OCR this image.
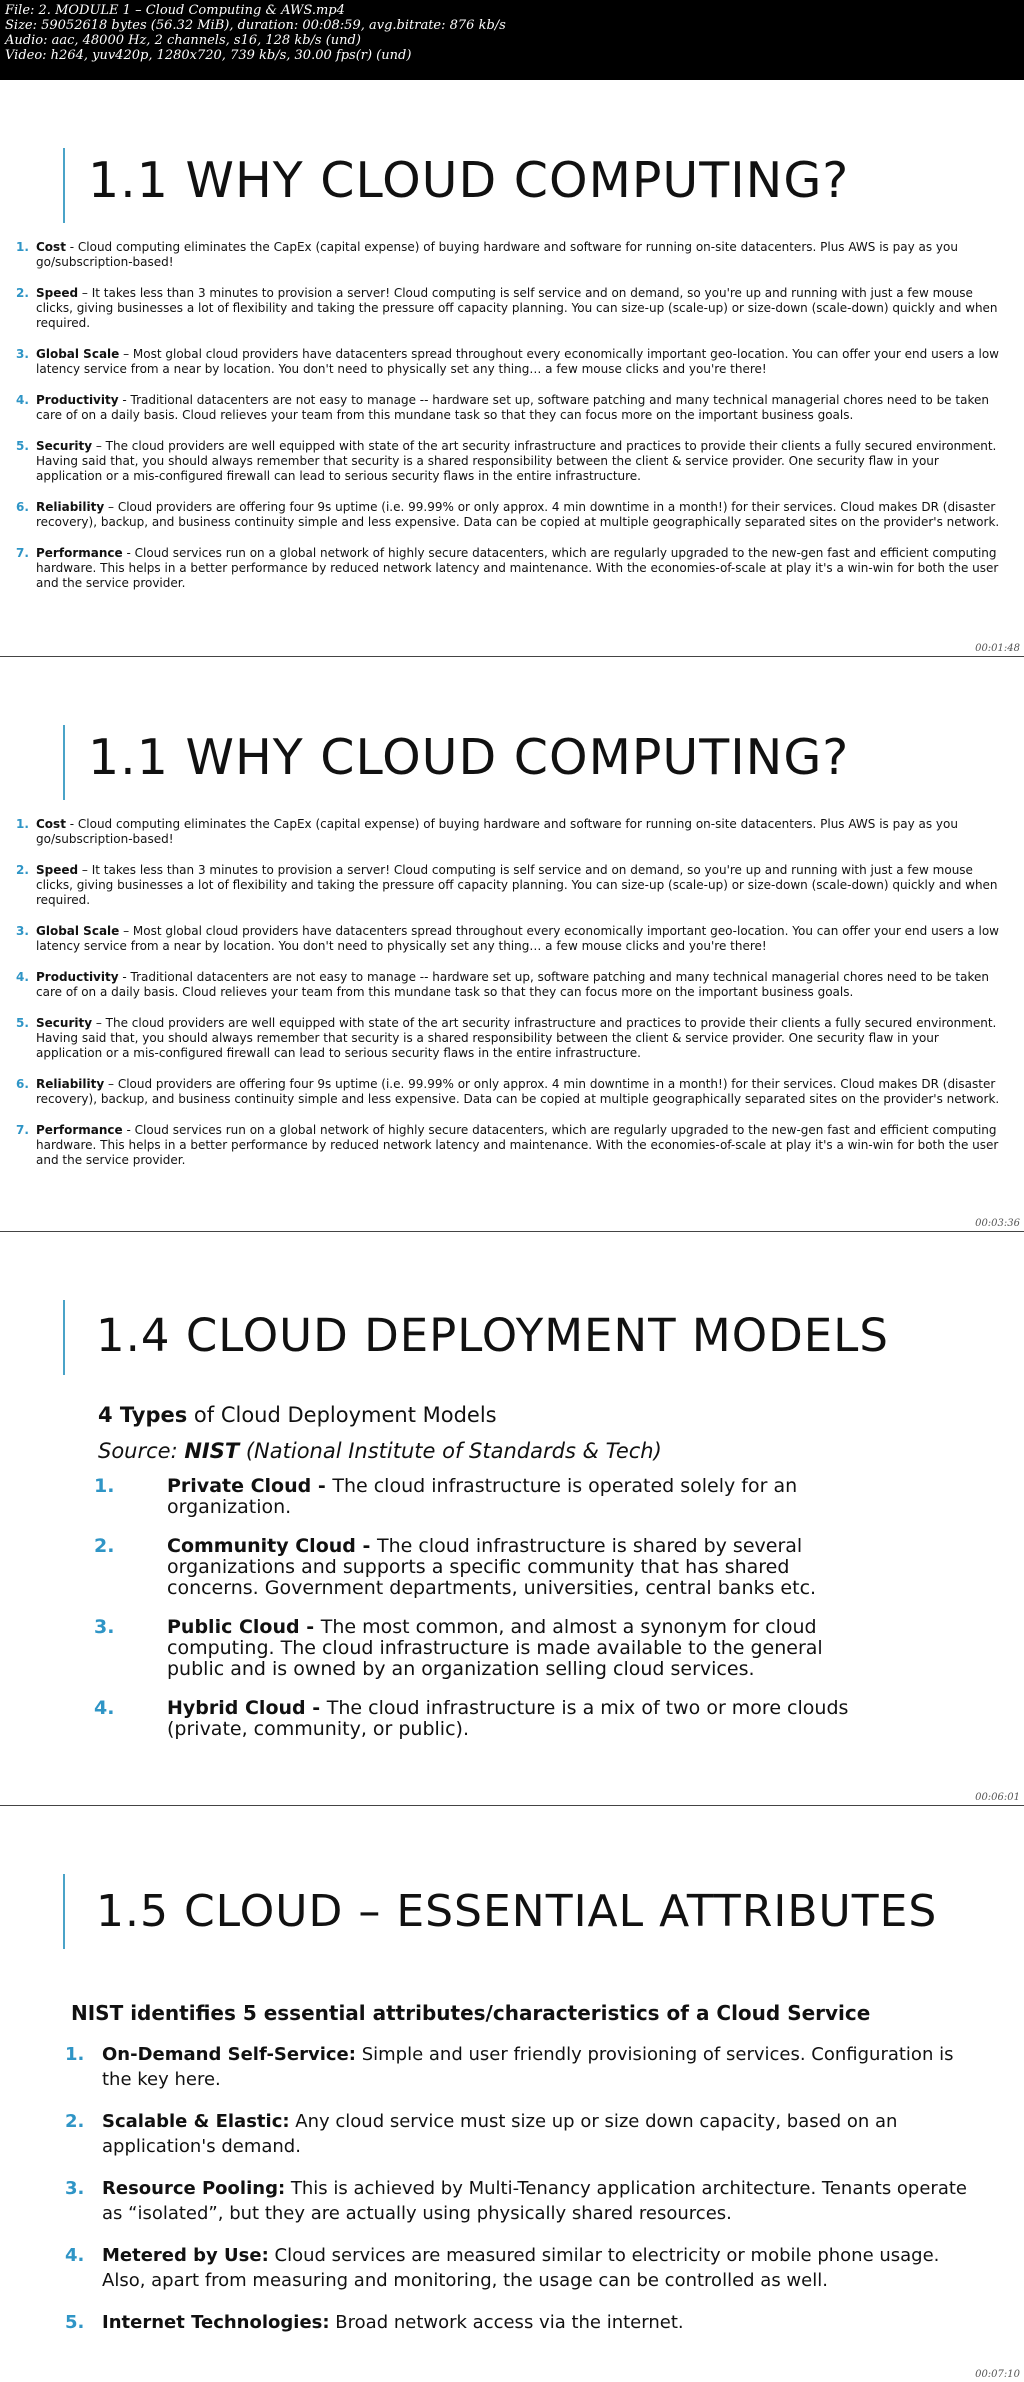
File: 2. MODULE 1 – Cloud Computing & AWS.mp4
Size: 59052618 bytes (56.32 MiB), duration: 00:08:59, avg.bitrate: 876 kb/s
Audio: aac, 48000 Hz, 2 channels, s16, 128 kb/s (und)
Video: h264, yuv420p, 1280x720, 739 kb/s, 30.00 fps(r) (und)
1.1 WHY CLOUD COMPUTING?
1. Cost - Cloud computing eliminates the CapEx (capital expense) of buying hardware and software for running on-site datacenters. Plus AWS is pay as you go/subscription-based!
2. Speed – It takes less than 3 minutes to provision a server! Cloud computing is self service and on demand, so you're up and running with just a few mouse clicks, giving businesses a lot of flexibility and taking the pressure off capacity planning. You can size-up (scale-up) or size-down (scale-down) quickly and when required.
3. Global Scale – Most global cloud providers have datacenters spread throughout every economically important geo-location. You can offer your end users a low latency service from a near by location. You don't need to physically set any thing… a few mouse clicks and you're there!
4. Productivity - Traditional datacenters are not easy to manage -- hardware set up, software patching and many technical managerial chores need to be taken care of on a daily basis. Cloud relieves your team from this mundane task so that they can focus more on the important business goals.
5. Security – The cloud providers are well equipped with state of the art security infrastructure and practices to provide their clients a fully secured environment. Having said that, you should always remember that security is a shared responsibility between the client & service provider. One security flaw in your application or a mis-configured firewall can lead to serious security flaws in the entire infrastructure.
6. Reliability – Cloud providers are offering four 9s uptime (i.e. 99.99% or only approx. 4 min downtime in a month!) for their services. Cloud makes DR (disaster recovery), backup, and business continuity simple and less expensive. Data can be copied at multiple geographically separated sites on the provider's network.
7. Performance - Cloud services run on a global network of highly secure datacenters, which are regularly upgraded to the new-gen fast and efficient computing hardware. This helps in a better performance by reduced network latency and maintenance. With the economies-of-scale at play it's a win-win for both the user and the service provider.
00:01:48
1.1 WHY CLOUD COMPUTING?
1. Cost - Cloud computing eliminates the CapEx (capital expense) of buying hardware and software for running on-site datacenters. Plus AWS is pay as you go/subscription-based!
2. Speed – It takes less than 3 minutes to provision a server! Cloud computing is self service and on demand, so you're up and running with just a few mouse clicks, giving businesses a lot of flexibility and taking the pressure off capacity planning. You can size-up (scale-up) or size-down (scale-down) quickly and when required.
3. Global Scale – Most global cloud providers have datacenters spread throughout every economically important geo-location. You can offer your end users a low latency service from a near by location. You don't need to physically set any thing… a few mouse clicks and you're there!
4. Productivity - Traditional datacenters are not easy to manage -- hardware set up, software patching and many technical managerial chores need to be taken care of on a daily basis. Cloud relieves your team from this mundane task so that they can focus more on the important business goals.
5. Security – The cloud providers are well equipped with state of the art security infrastructure and practices to provide their clients a fully secured environment. Having said that, you should always remember that security is a shared responsibility between the client & service provider. One security flaw in your application or a mis-configured firewall can lead to serious security flaws in the entire infrastructure.
6. Reliability – Cloud providers are offering four 9s uptime (i.e. 99.99% or only approx. 4 min downtime in a month!) for their services. Cloud makes DR (disaster recovery), backup, and business continuity simple and less expensive. Data can be copied at multiple geographically separated sites on the provider's network.
7. Performance - Cloud services run on a global network of highly secure datacenters, which are regularly upgraded to the new-gen fast and efficient computing hardware. This helps in a better performance by reduced network latency and maintenance. With the economies-of-scale at play it's a win-win for both the user and the service provider.
00:03:36
1.4 CLOUD DEPLOYMENT MODELS
4 Types of Cloud Deployment Models
Source: NIST (National Institute of Standards & Tech)
1.	Private Cloud - The cloud infrastructure is operated solely for an organization.
2.	Community Cloud - The cloud infrastructure is shared by several organizations and supports a specific community that has shared concerns. Government departments, universities, central banks etc.
3.	Public Cloud - The most common, and almost a synonym for cloud computing. The cloud infrastructure is made available to the general public and is owned by an organization selling cloud services.
4.	Hybrid Cloud - The cloud infrastructure is a mix of two or more clouds (private, community, or public).
00:06:01
1.5 CLOUD – ESSENTIAL ATTRIBUTES
NIST identifies 5 essential attributes/characteristics of a Cloud Service
1. On-Demand Self-Service: Simple and user friendly provisioning of services. Configuration is the key here.
2. Scalable & Elastic: Any cloud service must size up or size down capacity, based on an application's demand.
3. Resource Pooling: This is achieved by Multi-Tenancy application architecture. Tenants operate as “isolated”, but they are actually using physically shared resources.
4. Metered by Use: Cloud services are measured similar to electricity or mobile phone usage. Also, apart from measuring and monitoring, the usage can be controlled as well.
5. Internet Technologies: Broad network access via the internet.
00:07:10
